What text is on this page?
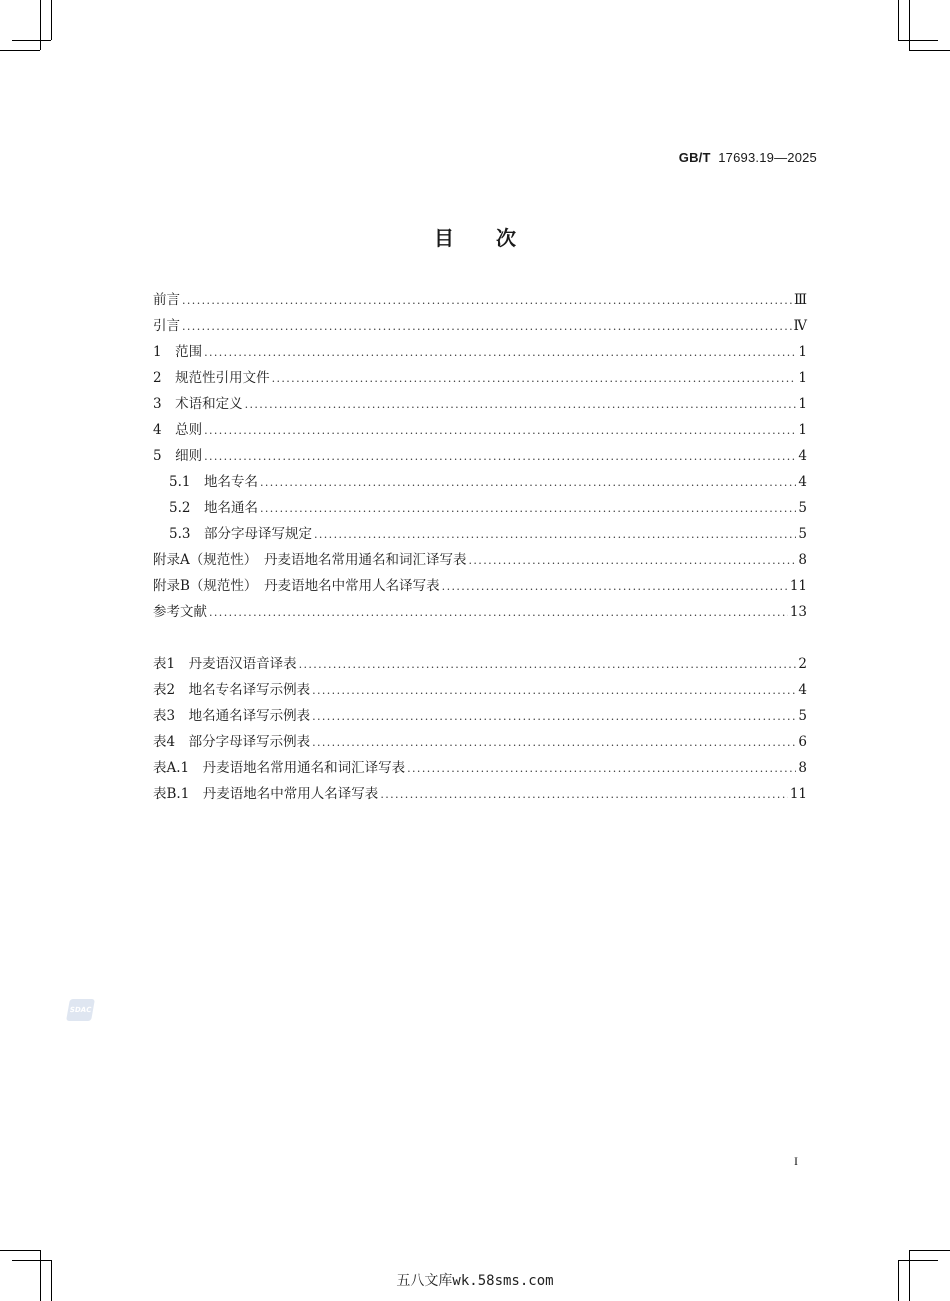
GB/T 17693.19—2025
目次
前言 .....	Ⅲ
引言 .....	Ⅳ
1　范围 .....	1
2　规范性引用文件 .....	1
3　术语和定义 .....	1
4　总则 .....	1
5　细则 .....	4
5.1　地名专名 .....	4
5.2　地名通名 .....	5
5.3　部分字母译写规定 .....	5
附录A（规范性）　丹麦语地名常用通名和词汇译写表 .....	8
附录B（规范性）　丹麦语地名中常用人名译写表 .....	11
参考文献 .....	13
表1　丹麦语汉语音译表 .....	2
表2　地名专名译写示例表 .....	4
表3　地名通名译写示例表 .....	5
表4　部分字母译写示例表 .....	6
表A.1　丹麦语地名常用通名和词汇译写表 .....	8
表B.1　丹麦语地名中常用人名译写表 .....	11
SDAC
I
五八文库wk.58sms.com
